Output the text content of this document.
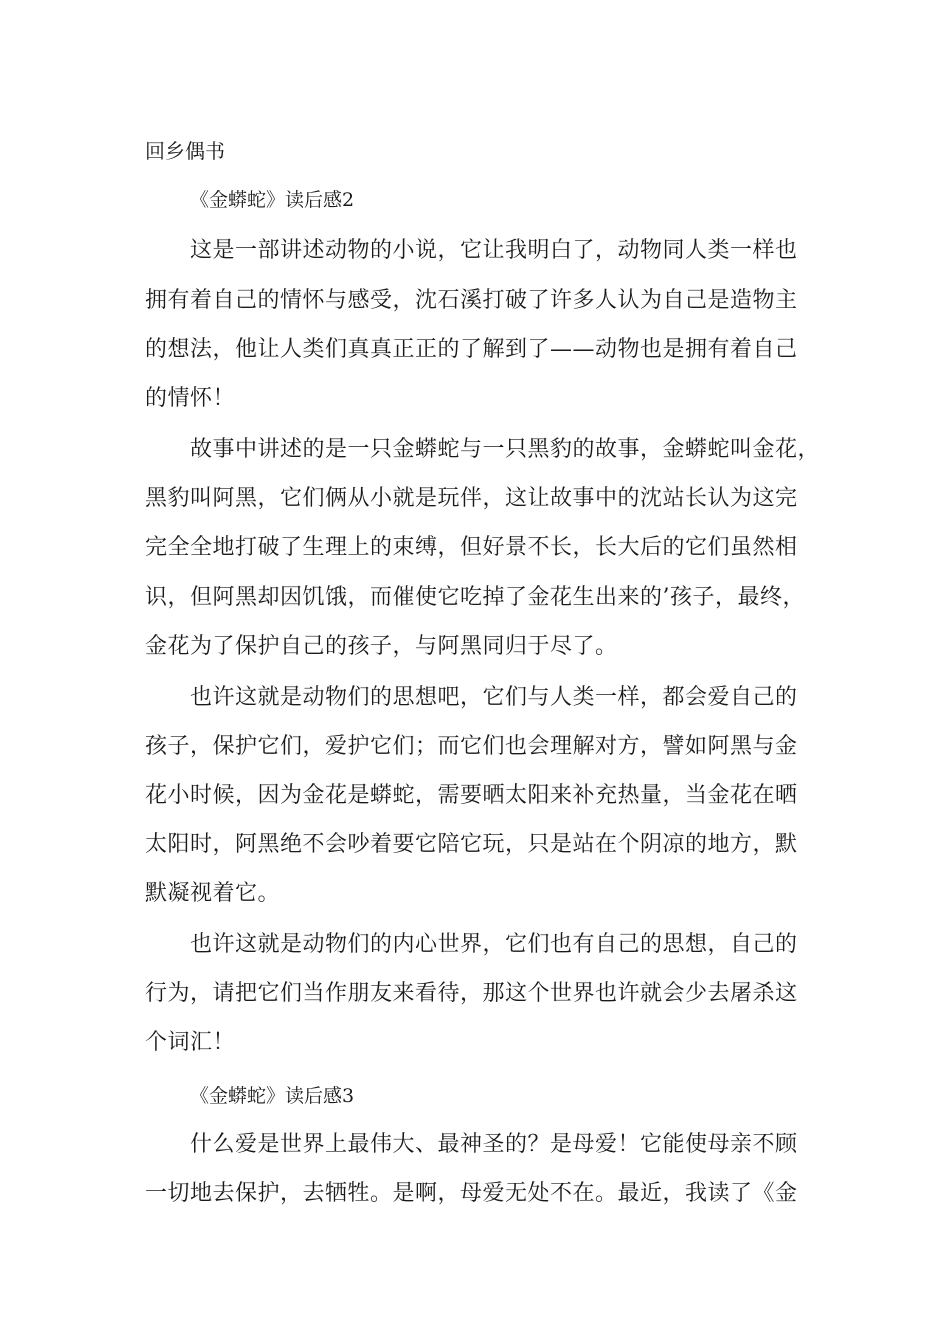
回乡偶书
《金蟒蛇》读后感2
这是一部讲述动物的小说，它让我明白了，动物同人类一样也
拥有着自己的情怀与感受，沈石溪打破了许多人认为自己是造物主
的想法，他让人类们真真正正的了解到了——动物也是拥有着自己
的情怀！
故事中讲述的是一只金蟒蛇与一只黑豹的故事，金蟒蛇叫金花，
黑豹叫阿黑，它们俩从小就是玩伴，这让故事中的沈站长认为这完
完全全地打破了生理上的束缚，但好景不长，长大后的它们虽然相
识，但阿黑却因饥饿，而催使它吃掉了金花生出来的’孩子，最终，
金花为了保护自己的孩子，与阿黑同归于尽了。
也许这就是动物们的思想吧，它们与人类一样，都会爱自己的
孩子，保护它们，爱护它们；而它们也会理解对方，譬如阿黑与金
花小时候，因为金花是蟒蛇，需要晒太阳来补充热量，当金花在晒
太阳时，阿黑绝不会吵着要它陪它玩，只是站在个阴凉的地方，默
默凝视着它。
也许这就是动物们的内心世界，它们也有自己的思想，自己的
行为，请把它们当作朋友来看待，那这个世界也许就会少去屠杀这
个词汇！
《金蟒蛇》读后感3
什么爱是世界上最伟大、最神圣的？是母爱！它能使母亲不顾
一切地去保护，去牺牲。是啊，母爱无处不在。最近，我读了《金
